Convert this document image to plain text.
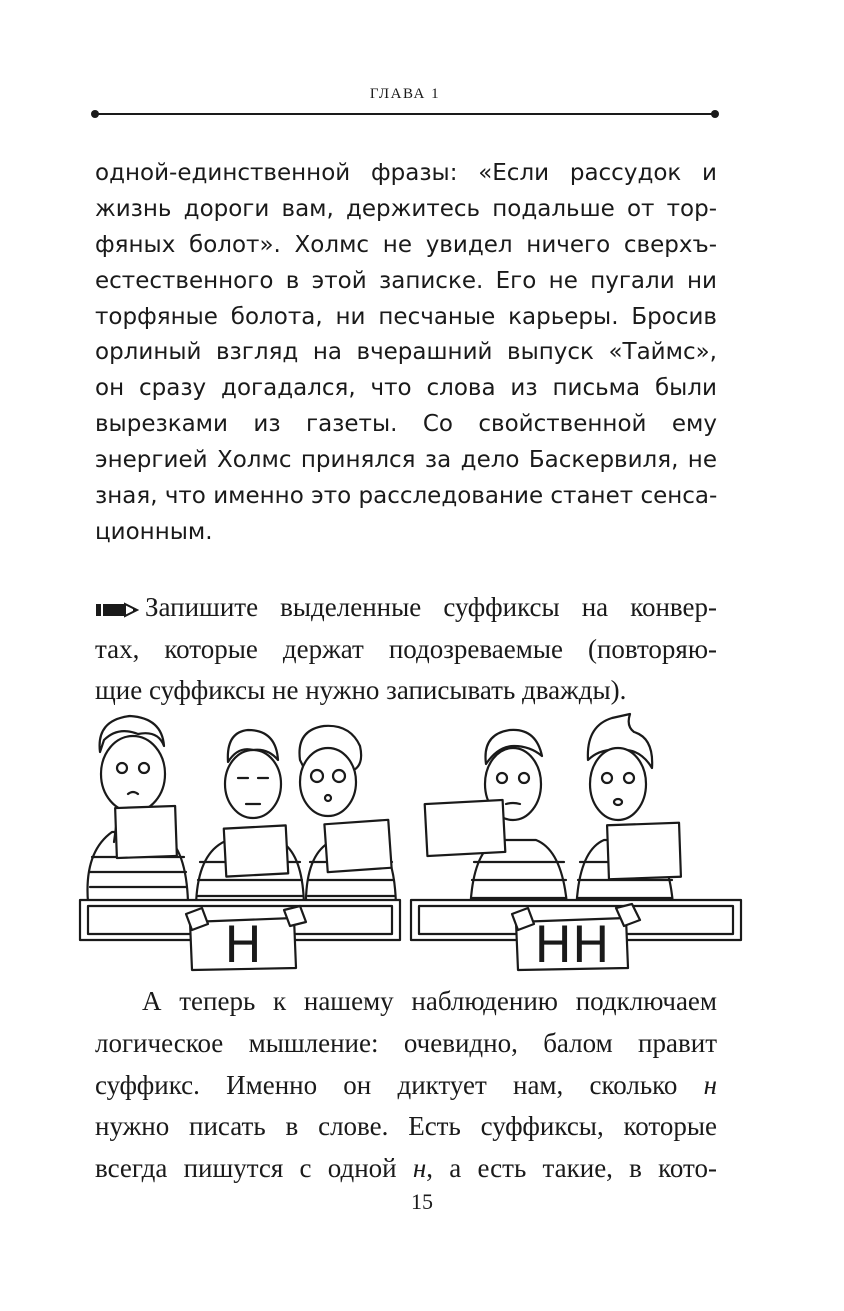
ГЛАВА 1
одной-единственной фразы: «Если рассудок и
жизнь дороги вам, держитесь подальше от тор-
фяных болот». Холмс не увидел ничего сверхъ-
естественного в этой записке. Его не пугали ни
торфяные болота, ни песчаные карьеры. Бросив
орлиный взгляд на вчерашний выпуск «Таймс»,
он сразу догадался, что слова из письма были
вырезками из газеты. Со свойственной ему
энергией Холмс принялся за дело Баскервиля, не
зная, что именно это расследование станет сенса-
ционным.
Запишите выделенные суффиксы на конвер-
тах, которые держат подозреваемые (повторяю-
щие суффиксы не нужно записывать дважды).
Н	НН
А теперь к нашему наблюдению подключаем
логическое мышление: очевидно, балом правит
суффикс. Именно он диктует нам, сколько н
нужно писать в слове. Есть суффиксы, которые
всегда пишутся с одной н, а есть такие, в кото-
15
